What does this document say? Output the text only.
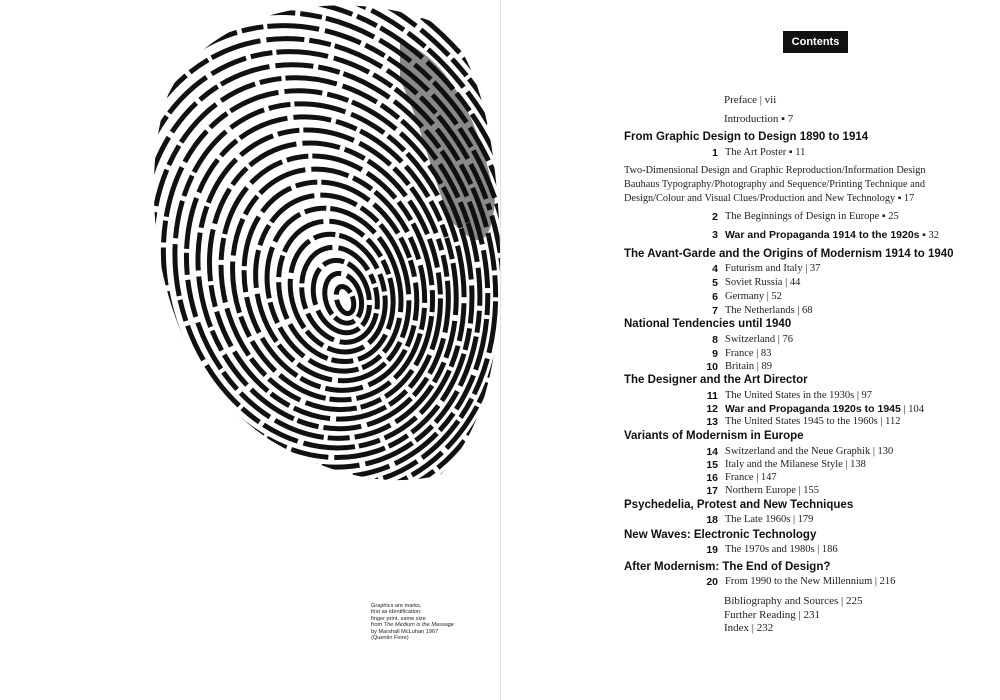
Graphics are marks,
first as identification:
finger print, same size
from The Medium is the Massage
by Marshall McLuhan 1967
(Quentin Fiore)
Contents
Preface | vii
Introduction ▪ 7
From Graphic Design to Design 1890 to 1914
1 The Art Poster ▪ 11
Two-Dimensional Design and Graphic Reproduction/Information Design
Bauhaus Typography/Photography and Sequence/Printing Technique and
Design/Colour and Visual Clues/Production and New Technology ▪ 17
2 The Beginnings of Design in Europe ▪ 25
3 War and Propaganda 1914 to the 1920s ▪ 32
The Avant-Garde and the Origins of Modernism 1914 to 1940
4 Futurism and Italy | 37
5 Soviet Russia | 44
6 Germany | 52
7 The Netherlands | 68
National Tendencies until 1940
8 Switzerland | 76
9 France | 83
10 Britain | 89
The Designer and the Art Director
11 The United States in the 1930s | 97
12 War and Propaganda 1920s to 1945 | 104
13 The United States 1945 to the 1960s | 112
Variants of Modernism in Europe
14 Switzerland and the Neue Graphik | 130
15 Italy and the Milanese Style | 138
16 France | 147
17 Northern Europe | 155
Psychedelia, Protest and New Techniques
18 The Late 1960s | 179
New Waves: Electronic Technology
19 The 1970s and 1980s | 186
After Modernism: The End of Design?
20 From 1990 to the New Millennium | 216
Bibliography and Sources | 225
Further Reading | 231
Index | 232
